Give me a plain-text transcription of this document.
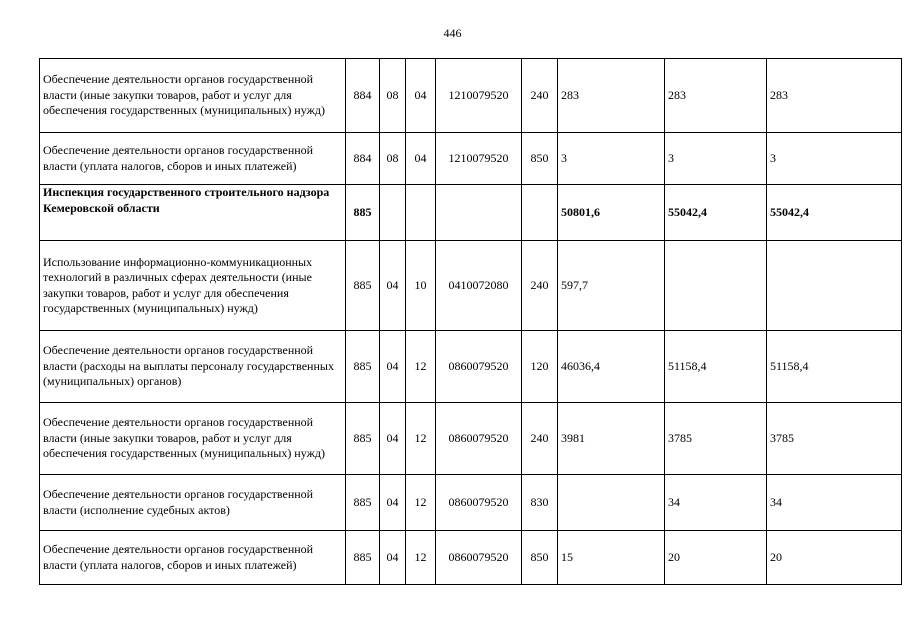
446
Обеспечение деятельности органов государственной власти (иные закупки товаров, работ и услуг для обеспечения государственных (муниципальных) нужд)	884	08	04	1210079520	240	283	283	283
Обеспечение деятельности органов государственной власти (уплата налогов, сборов и иных платежей)	884	08	04	1210079520	850	3	3	3
Инспекция государственного строительного надзора Кемеровской области	885					50801,6	55042,4	55042,4
Использование информационно-коммуникационных технологий в различных сферах деятельности (иные закупки товаров, работ и услуг для обеспечения государственных (муниципальных) нужд)	885	04	10	0410072080	240	597,7		
Обеспечение деятельности органов государственной власти (расходы на выплаты персоналу государственных (муниципальных) органов)	885	04	12	0860079520	120	46036,4	51158,4	51158,4
Обеспечение деятельности органов государственной власти (иные закупки товаров, работ и услуг для обеспечения государственных (муниципальных) нужд)	885	04	12	0860079520	240	3981	3785	3785
Обеспечение деятельности органов государственной власти (исполнение судебных актов)	885	04	12	0860079520	830		34	34
Обеспечение деятельности органов государственной власти (уплата налогов, сборов и иных платежей)	885	04	12	0860079520	850	15	20	20
